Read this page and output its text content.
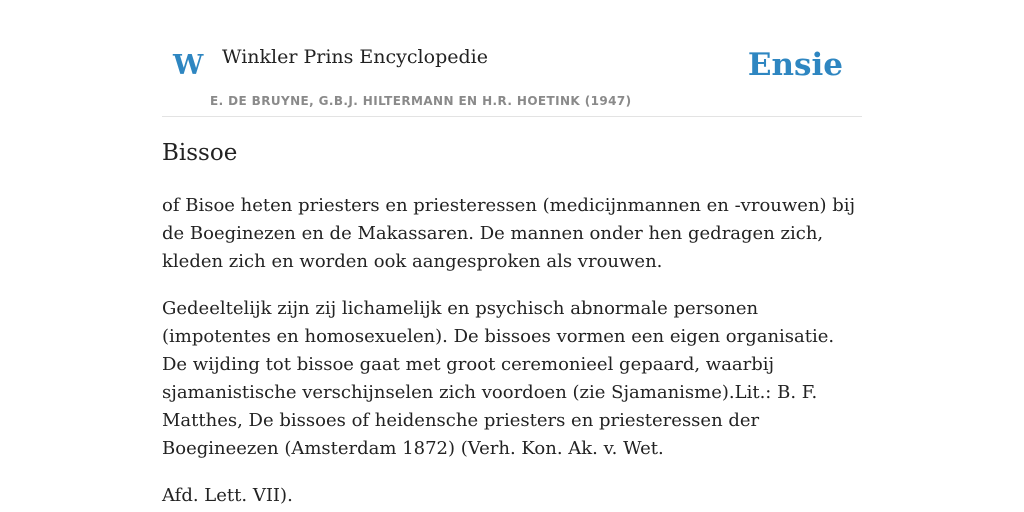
W Winkler Prins Encyclopedie
E. DE BRUYNE, G.B.J. HILTERMANN EN H.R. HOETINK (1947)
Ensie
Bissoe

of Bisoe heten priesters en priesteressen (medicijnmannen en -vrouwen) bij de Boeginezen en de Makassaren. De mannen onder hen gedragen zich, kleden zich en worden ook aangesproken als vrouwen.

Gedeeltelijk zijn zij lichamelijk en psychisch abnormale personen (impotentes en homosexuelen). De bissoes vormen een eigen organisatie. De wijding tot bissoe gaat met groot ceremonieel gepaard, waarbij sjamanistische verschijnselen zich voordoen (zie Sjamanisme).Lit.: B. F. Matthes, De bissoes of heidensche priesters en priesteressen der Boegineezen (Amsterdam 1872) (Verh. Kon. Ak. v. Wet.

Afd. Lett. VII).
